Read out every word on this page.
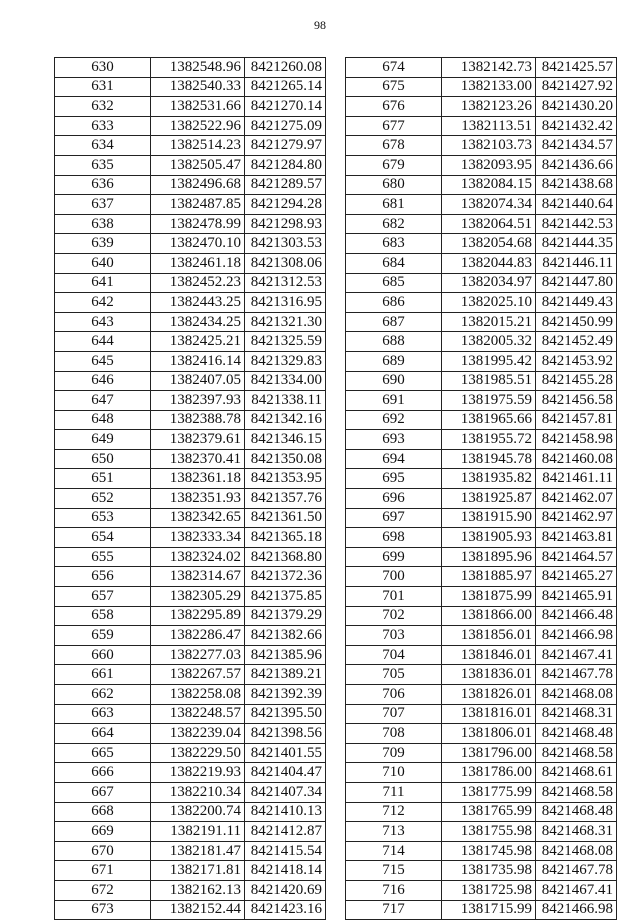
98
630	1382548.96	8421260.08
631	1382540.33	8421265.14
632	1382531.66	8421270.14
633	1382522.96	8421275.09
634	1382514.23	8421279.97
635	1382505.47	8421284.80
636	1382496.68	8421289.57
637	1382487.85	8421294.28
638	1382478.99	8421298.93
639	1382470.10	8421303.53
640	1382461.18	8421308.06
641	1382452.23	8421312.53
642	1382443.25	8421316.95
643	1382434.25	8421321.30
644	1382425.21	8421325.59
645	1382416.14	8421329.83
646	1382407.05	8421334.00
647	1382397.93	8421338.11
648	1382388.78	8421342.16
649	1382379.61	8421346.15
650	1382370.41	8421350.08
651	1382361.18	8421353.95
652	1382351.93	8421357.76
653	1382342.65	8421361.50
654	1382333.34	8421365.18
655	1382324.02	8421368.80
656	1382314.67	8421372.36
657	1382305.29	8421375.85
658	1382295.89	8421379.29
659	1382286.47	8421382.66
660	1382277.03	8421385.96
661	1382267.57	8421389.21
662	1382258.08	8421392.39
663	1382248.57	8421395.50
664	1382239.04	8421398.56
665	1382229.50	8421401.55
666	1382219.93	8421404.47
667	1382210.34	8421407.34
668	1382200.74	8421410.13
669	1382191.11	8421412.87
670	1382181.47	8421415.54
671	1382171.81	8421418.14
672	1382162.13	8421420.69
673	1382152.44	8421423.16
674	1382142.73	8421425.57
675	1382133.00	8421427.92
676	1382123.26	8421430.20
677	1382113.51	8421432.42
678	1382103.73	8421434.57
679	1382093.95	8421436.66
680	1382084.15	8421438.68
681	1382074.34	8421440.64
682	1382064.51	8421442.53
683	1382054.68	8421444.35
684	1382044.83	8421446.11
685	1382034.97	8421447.80
686	1382025.10	8421449.43
687	1382015.21	8421450.99
688	1382005.32	8421452.49
689	1381995.42	8421453.92
690	1381985.51	8421455.28
691	1381975.59	8421456.58
692	1381965.66	8421457.81
693	1381955.72	8421458.98
694	1381945.78	8421460.08
695	1381935.82	8421461.11
696	1381925.87	8421462.07
697	1381915.90	8421462.97
698	1381905.93	8421463.81
699	1381895.96	8421464.57
700	1381885.97	8421465.27
701	1381875.99	8421465.91
702	1381866.00	8421466.48
703	1381856.01	8421466.98
704	1381846.01	8421467.41
705	1381836.01	8421467.78
706	1381826.01	8421468.08
707	1381816.01	8421468.31
708	1381806.01	8421468.48
709	1381796.00	8421468.58
710	1381786.00	8421468.61
711	1381775.99	8421468.58
712	1381765.99	8421468.48
713	1381755.98	8421468.31
714	1381745.98	8421468.08
715	1381735.98	8421467.78
716	1381725.98	8421467.41
717	1381715.99	8421466.98
